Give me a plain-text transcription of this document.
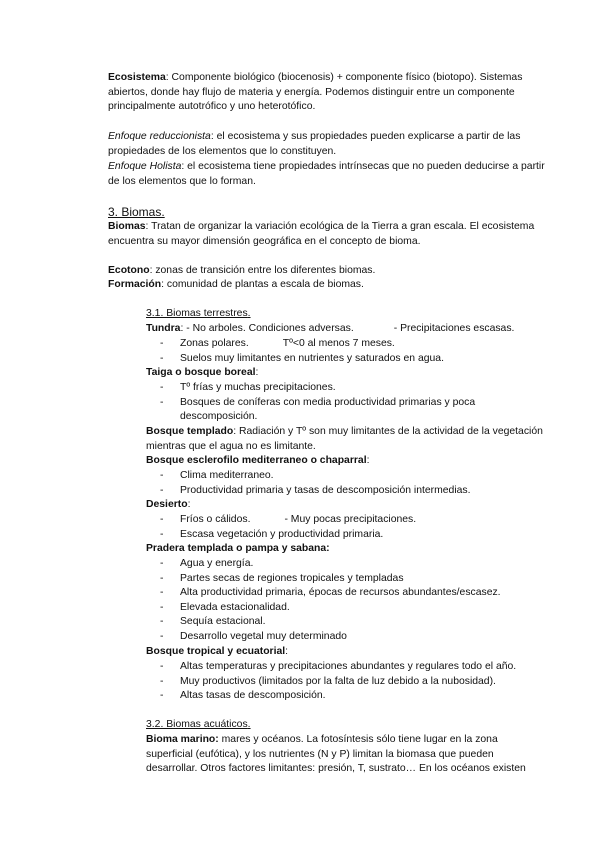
Ecosistema: Componente biológico (biocenosis) + componente físico (biotopo). Sistemas abiertos, donde hay flujo de materia y energía. Podemos distinguir entre un componente principalmente autotrófico y uno heterotófico.

Enfoque reduccionista: el ecosistema y sus propiedades pueden explicarse a partir de las propiedades de los elementos que lo constituyen.

Enfoque Holista: el ecosistema tiene propiedades intrínsecas que no pueden deducirse a partir de los elementos que lo forman.

3. Biomas.

Biomas: Tratan de organizar la variación ecológica de la Tierra a gran escala. El ecosistema encuentra su mayor dimensión geográfica en el concepto de bioma.

Ecotono: zonas de transición entre los diferentes biomas.

Formación: comunidad de plantas a escala de biomas.

3.1. Biomas terrestres.

Tundra: - No arboles. Condiciones adversas.	- Precipitaciones escasas.

- Zonas polares.	Tº<0 al menos 7 meses.
- Suelos muy limitantes en nutrientes y saturados en agua.

Taiga o bosque boreal:

- Tº frías y muchas precipitaciones.
- Bosques de coníferas con media productividad primarias y poca descomposición.

Bosque templado: Radiación y Tº son muy limitantes de la actividad de la vegetación mientras que el agua no es limitante.

Bosque esclerofilo mediterraneo o chaparral:

- Clima mediterraneo.
- Productividad primaria y tasas de descomposición intermedias.

Desierto:

- Fríos o cálidos.	- Muy pocas precipitaciones.
- Escasa vegetación y productividad primaria.

Pradera templada o pampa y sabana:

- Agua y energía.
- Partes secas de regiones tropicales y templadas
- Alta productividad primaria, épocas de recursos abundantes/escasez.
- Elevada estacionalidad.
- Sequía estacional.
- Desarrollo vegetal muy determinado

Bosque tropical y ecuatorial:

- Altas temperaturas y precipitaciones abundantes y regulares todo el año.
- Muy productivos (limitados por la falta de luz debido a la nubosidad).
- Altas tasas de descomposición.

3.2. Biomas acuáticos.

Bioma marino: mares y océanos. La fotosíntesis sólo tiene lugar en la zona superficial (eufótica), y los nutrientes (N y P) limitan la biomasa que pueden desarrollar. Otros factores limitantes: presión, T, sustrato… En los océanos existen
